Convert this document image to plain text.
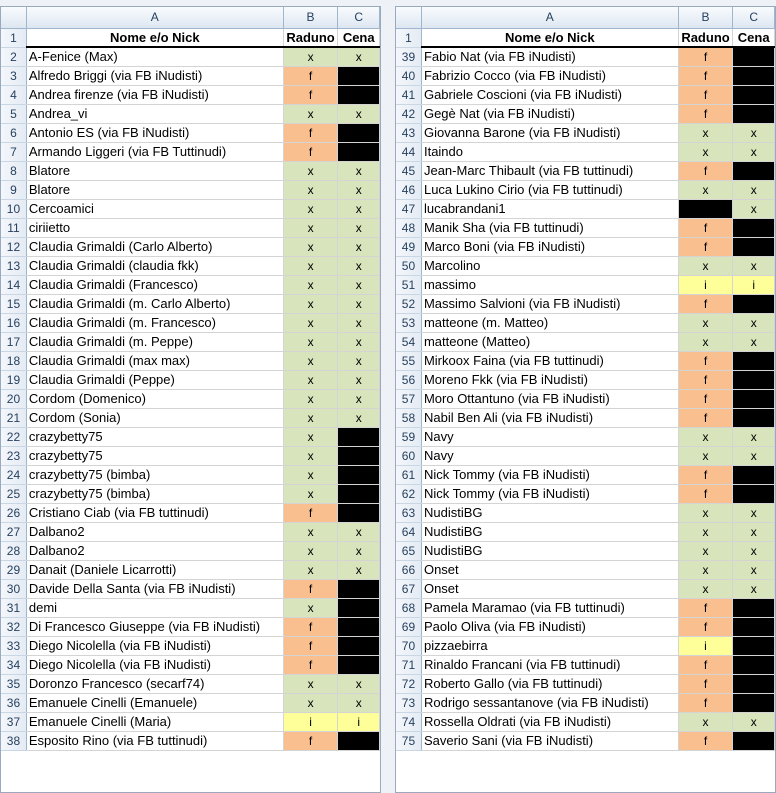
	A	B	C
1	Nome e/o Nick	Raduno	Cena
2	A-Fenice (Max)	x	x
3	Alfredo Briggi (via FB iNudisti)	f	
4	Andrea firenze (via FB iNudisti)	f	
5	Andrea_vi	x	x
6	Antonio ES (via FB iNudisti)	f	
7	Armando Liggeri (via FB Tuttinudi)	f	
8	Blatore	x	x
9	Blatore	x	x
10	Cercoamici	x	x
11	ciriietto	x	x
12	Claudia Grimaldi (Carlo Alberto)	x	x
13	Claudia Grimaldi (claudia fkk)	x	x
14	Claudia Grimaldi (Francesco)	x	x
15	Claudia Grimaldi (m. Carlo Alberto)	x	x
16	Claudia Grimaldi (m. Francesco)	x	x
17	Claudia Grimaldi (m. Peppe)	x	x
18	Claudia Grimaldi (max max)	x	x
19	Claudia Grimaldi (Peppe)	x	x
20	Cordom (Domenico)	x	x
21	Cordom (Sonia)	x	x
22	crazybetty75	x	
23	crazybetty75	x	
24	crazybetty75 (bimba)	x	
25	crazybetty75 (bimba)	x	
26	Cristiano Ciab (via FB tuttinudi)	f	
27	Dalbano2	x	x
28	Dalbano2	x	x
29	Danait (Daniele Licarrotti)	x	x
30	Davide Della Santa (via FB iNudisti)	f	
31	demi	x	
32	Di Francesco Giuseppe (via FB iNudisti)	f	
33	Diego Nicolella (via FB iNudisti)	f	
34	Diego Nicolella (via FB iNudisti)	f	
35	Doronzo Francesco (secarf74)	x	x
36	Emanuele Cinelli (Emanuele)	x	x
37	Emanuele Cinelli (Maria)	i	i
38	Esposito Rino (via FB tuttinudi)	f	
	A	B	C
1	Nome e/o Nick	Raduno	Cena
39	Fabio Nat (via FB iNudisti)	f	
40	Fabrizio Cocco (via FB iNudisti)	f	
41	Gabriele Coscioni (via FB iNudisti)	f	
42	Gegè Nat (via FB iNudisti)	f	
43	Giovanna Barone (via FB iNudisti)	x	x
44	Itaindo	x	x
45	Jean-Marc Thibault (via FB tuttinudi)	f	
46	Luca Lukino Cirio (via FB tuttinudi)	x	x
47	lucabrandani1		x
48	Manik Sha (via FB tuttinudi)	f	
49	Marco Boni (via FB iNudisti)	f	
50	Marcolino	x	x
51	massimo	i	i
52	Massimo Salvioni (via FB iNudisti)	f	
53	matteone (m. Matteo)	x	x
54	matteone (Matteo)	x	x
55	Mirkoox Faina (via FB tuttinudi)	f	
56	Moreno Fkk (via FB iNudisti)	f	
57	Moro Ottantuno (via FB iNudisti)	f	
58	Nabil Ben Ali (via FB iNudisti)	f	
59	Navy	x	x
60	Navy	x	x
61	Nick Tommy (via FB iNudisti)	f	
62	Nick Tommy (via FB iNudisti)	f	
63	NudistiBG	x	x
64	NudistiBG	x	x
65	NudistiBG	x	x
66	Onset	x	x
67	Onset	x	x
68	Pamela Maramao (via FB tuttinudi)	f	
69	Paolo Oliva (via FB iNudisti)	f	
70	pizzaebirra	i	
71	Rinaldo Francani (via FB tuttinudi)	f	
72	Roberto Gallo (via FB tuttinudi)	f	
73	Rodrigo sessantanove (via FB iNudisti)	f	
74	Rossella Oldrati (via FB iNudisti)	x	x
75	Saverio Sani (via FB iNudisti)	f	
